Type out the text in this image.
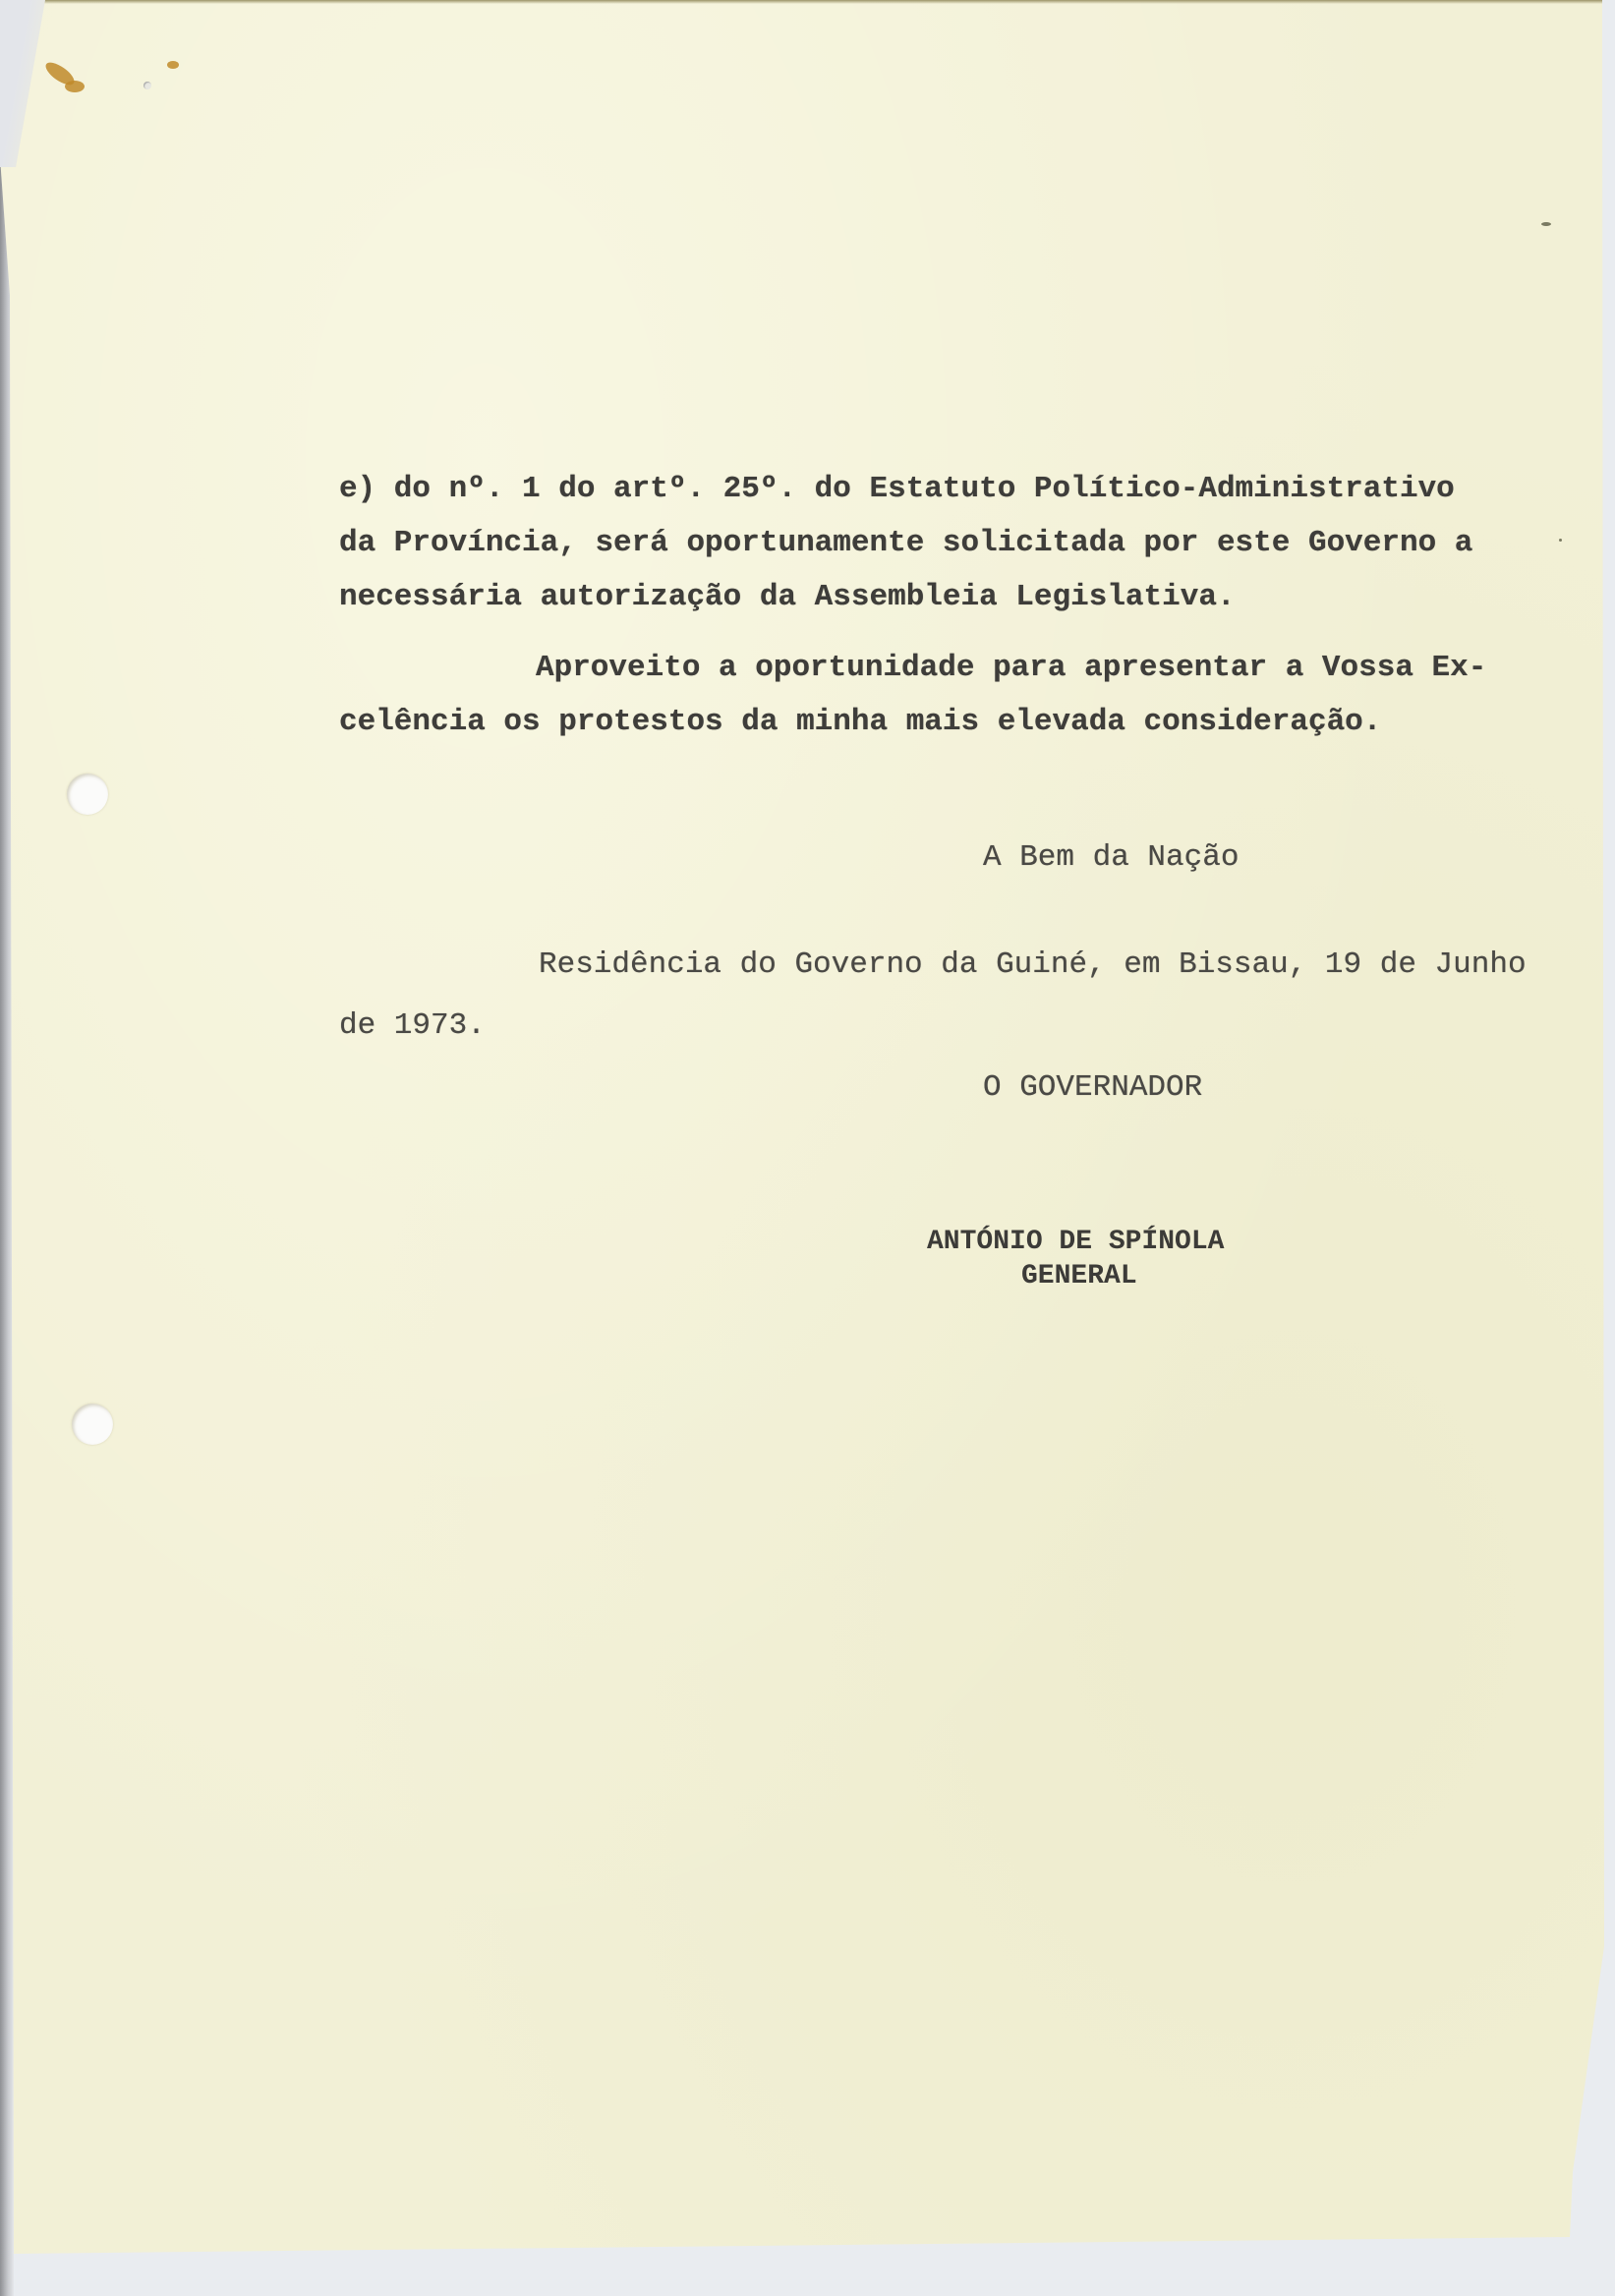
e) do nº. 1 do artº. 25º. do Estatuto Político-Administrativo
da Província, será oportunamente solicitada por este Governo a
necessária autorização da Assembleia Legislativa.
Aproveito a oportunidade para apresentar a Vossa Ex-
celência os protestos da minha mais elevada consideração.
A Bem da Nação
Residência do Governo da Guiné, em Bissau, 19 de Junho
de 1973.
O GOVERNADOR
ANTÓNIO DE SPÍNOLA
GENERAL
